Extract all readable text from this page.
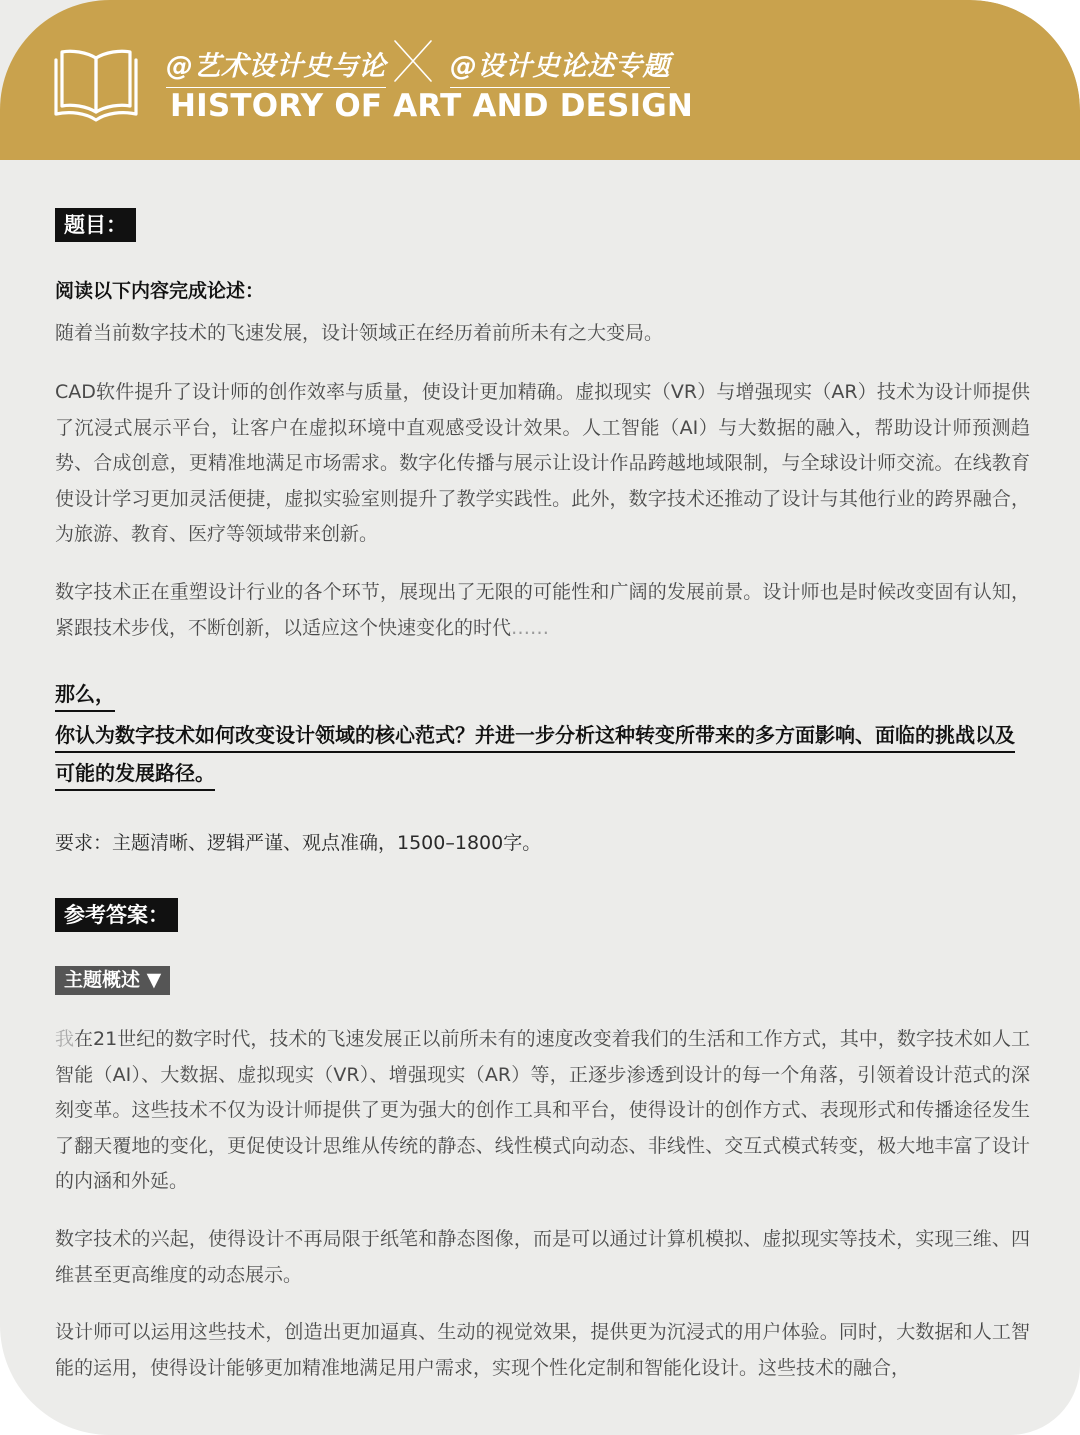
@艺术设计史与论 @设计史论述专题
HISTORY OF ART AND DESIGN
题目：
阅读以下内容完成论述：

随着当前数字技术的飞速发展，设计领域正在经历着前所未有之大变局。

CAD软件提升了设计师的创作效率与质量，使设计更加精确。虚拟现实（VR）与增强现实（AR）技术为设计师提供了沉浸式展示平台，让客户在虚拟环境中直观感受设计效果。人工智能（AI）与大数据的融入，帮助设计师预测趋势、合成创意，更精准地满足市场需求。数字化传播与展示让设计作品跨越地域限制，与全球设计师交流。在线教育使设计学习更加灵活便捷，虚拟实验室则提升了教学实践性。此外，数字技术还推动了设计与其他行业的跨界融合，为旅游、教育、医疗等领域带来创新。

数字技术正在重塑设计行业的各个环节，展现出了无限的可能性和广阔的发展前景。设计师也是时候改变固有认知，紧跟技术步伐，不断创新，以适应这个快速变化的时代……

那么，

你认为数字技术如何改变设计领域的核心范式？并进一步分析这种转变所带来的多方面影响、面临的挑战以及可能的发展路径。

要求：主题清晰、逻辑严谨、观点准确，1500–1800字。
参考答案：
主题概述 ▼

我在21世纪的数字时代，技术的飞速发展正以前所未有的速度改变着我们的生活和工作方式，其中，数字技术如人工智能（AI）、大数据、虚拟现实（VR）、增强现实（AR）等，正逐步渗透到设计的每一个角落，引领着设计范式的深刻变革。这些技术不仅为设计师提供了更为强大的创作工具和平台，使得设计的创作方式、表现形式和传播途径发生了翻天覆地的变化，更促使设计思维从传统的静态、线性模式向动态、非线性、交互式模式转变，极大地丰富了设计的内涵和外延。

数字技术的兴起，使得设计不再局限于纸笔和静态图像，而是可以通过计算机模拟、虚拟现实等技术，实现三维、四维甚至更高维度的动态展示。

设计师可以运用这些技术，创造出更加逼真、生动的视觉效果，提供更为沉浸式的用户体验。同时，大数据和人工智能的运用，使得设计能够更加精准地满足用户需求，实现个性化定制和智能化设计。这些技术的融合，
